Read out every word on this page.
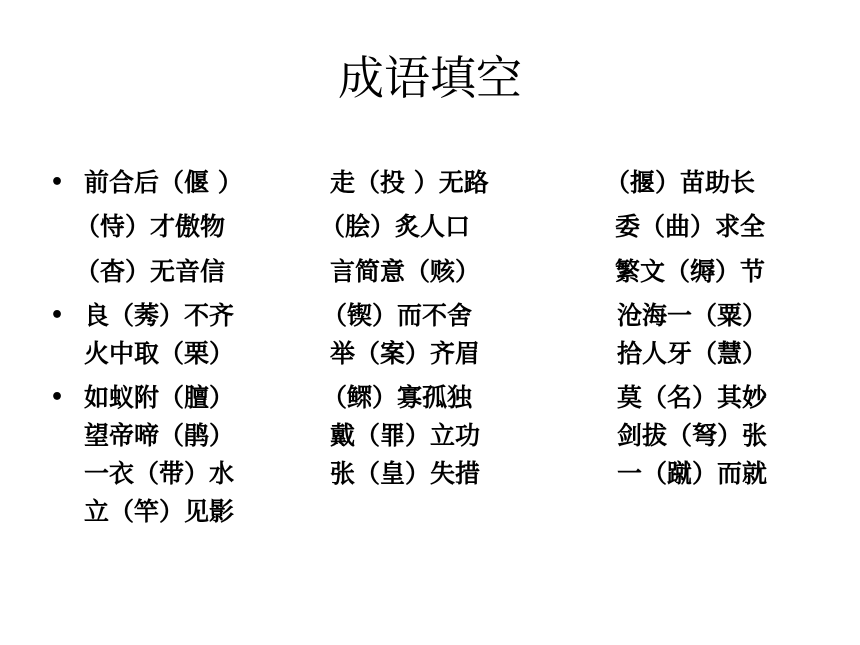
成语填空
•
•
•
前合后（偃 ）
（恃）才傲物
（杳）无音信
良（莠）不齐
火中取（栗）
如蚁附（膻）
望帝啼（鹃）
一衣（带）水
立（竿）见影
走（投 ）无路
（脍）炙人口
言简意（赅）
（锲）而不舍
举（案）齐眉
（鳏）寡孤独
戴（罪）立功
张（皇）失措
（揠）苗助长
委（曲）求全
繁文（缛）节
沧海一（粟）
拾人牙（慧）
莫（名）其妙
剑拔（弩）张
一（蹴）而就
